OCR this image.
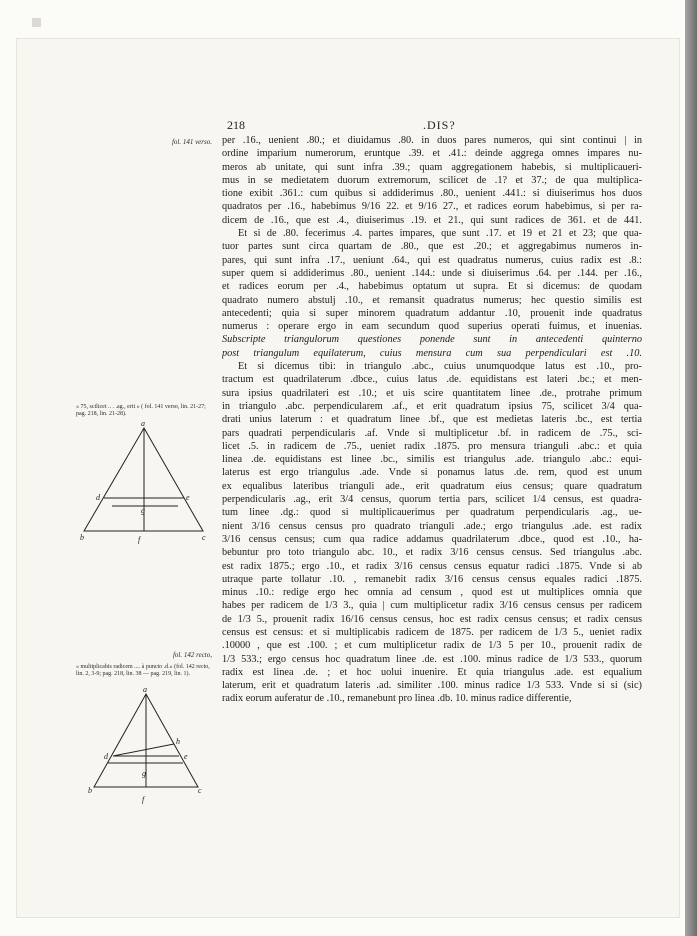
218	.DIS?
fol. 141 verso.
« 75, scilicet .. . .ag., erit » ( fol. 141 verso, lin. 21-27; pag. 218, lin. 21-28).
fol. 142 recto,
« multiplicabis radicem .... à puncto .d.» (fol. 142 recto, lin. 2, 3-9; pag. 218, lin. 38 — pag. 219, lin. 1).
per .16., uenient .80.; et diuidamus .80. in duos pares numeros, qui sint continui | in
ordine imparium numerorum, eruntque .39. et .41.: deinde aggrega omnes impares nu-
meros ab unitate, qui sunt infra .39.; quam aggregationem habebis, si multiplicaueri-
mus in se medietatem duorum extremorum, scilicet de .1? et 37.; de qua multiplica-
tione exibit .361.: cum quibus si addiderimus .80., uenient .441.: si diuiserimus hos duos
quadratos per .16., habebimus 9/16 22. et 9/16 27., et radices eorum habebimus, si per ra-
dicem de .16., que est .4., diuiserimus .19. et 21., qui sunt radices de 361. et de 441.
Et si de .80. fecerimus .4. partes impares, que sunt .17. et 19 et 21 et 23; que qua-
tuor partes sunt circa quartam de .80., que est .20.; et aggregabimus numeros in-
pares, qui sunt infra .17., ueniunt .64., qui est quadratus numerus, cuius radix est .8.:
super quem si addiderimus .80., uenient .144.: unde si diuiserimus .64. per .144. per .16.,
et radices eorum per .4., habebimus optatum ut supra. Et si dicemus: de quodam
quadrato numero abstulj .10., et remansit quadratus numerus; hec questio similis est
antecedenti; quia si super minorem quadratum addantur .10, prouenit inde quadratus
numerus : operare ergo in eam secundum quod superius operati fuimus, et inuenias.
Subscripte triangulorum questiones ponende sunt in antecedenti quinterno
post triangulum equilaterum, cuius mensura cum sua perpendiculari est .10.
Et si dicemus tibi: in triangulo .abc., cuius unumquodque latus est .10., pro-
tractum est quadrilaterum .dbce., cuius latus .de. equidistans est lateri .bc.; et men-
sura ipsius quadrilateri est .10.; et uis scire quantitatem linee .de., protrahe primum
in triangulo .abc. perpendicularem .af., et erit quadratum ipsius 75, scilicet 3/4 qua-
drati unius laterum : et quadratum linee .bf., que est medietas lateris .bc., est tertia
pars quadrati perpendicularis .af. Vnde si multiplicetur .bf. in radicem de .75., sci-
licet .5. in radicem de .75., ueniet radix .1875. pro mensura trianguli .abc.: et quia
linea .de. equidistans est linee .bc., similis est triangulus .ade. triangulo .abc.: equi-
laterus est ergo triangulus .ade. Vnde si ponamus latus .de. rem, quod est unum
ex equalibus lateribus trianguli ade., erit quadratum eius census; quare quadratum
perpendicularis .ag., erit 3/4 census, quorum tertia pars, scilicet 1/4 census, est quadra-
tum linee .dg.: quod si multiplicauerimus per quadratum perpendicularis .ag., ue-
nient 3/16 census census pro quadrato trianguli .ade.; ergo triangulus .ade. est radix
3/16 census census; cum qua radice addamus quadrilaterum .dbce., quod est .10., ha-
bebuntur pro toto triangulo abc. 10., et radix 3/16 census census. Sed triangulus .abc.
est radix 1875.; ergo .10., et radix 3/16 census census equatur radici .1875. Vnde si ab
utraque parte tollatur .10. , remanebit radix 3/16 census census equales radici .1875.
minus .10.: redige ergo hec omnia ad censum , quod est ut multiplices omnia que
habes per radicem de 1/3 3., quia | cum multiplicetur radix 3/16 census census per radicem
de 1/3 5., prouenit radix 16/16 census census, hoc est radix census census; et radix census
census est census: et si multiplicabis radicem de 1875. per radicem de 1/3 5., ueniet radix
.10000 , que est .100. ; et cum multiplicetur radix de 1/3 5 per 10., prouenit radix de
1/3 533.; ergo census hoc quadratum linee .de. est .100. minus radice de 1/3 533., quorum
radix est linea .de. ; et hoc uolui inuenire. Et quia triangulus .ade. est equalium
laterum, erit et quadratum lateris .ad. similiter .100. minus radice 1/3 533. Vnde si si (sic)
radix eorum auferatur de .10., remanebunt pro linea .db. 10. minus radice differentie,
a
d	e
g
b	f	c
a
h
d	e
g
b	c
f
